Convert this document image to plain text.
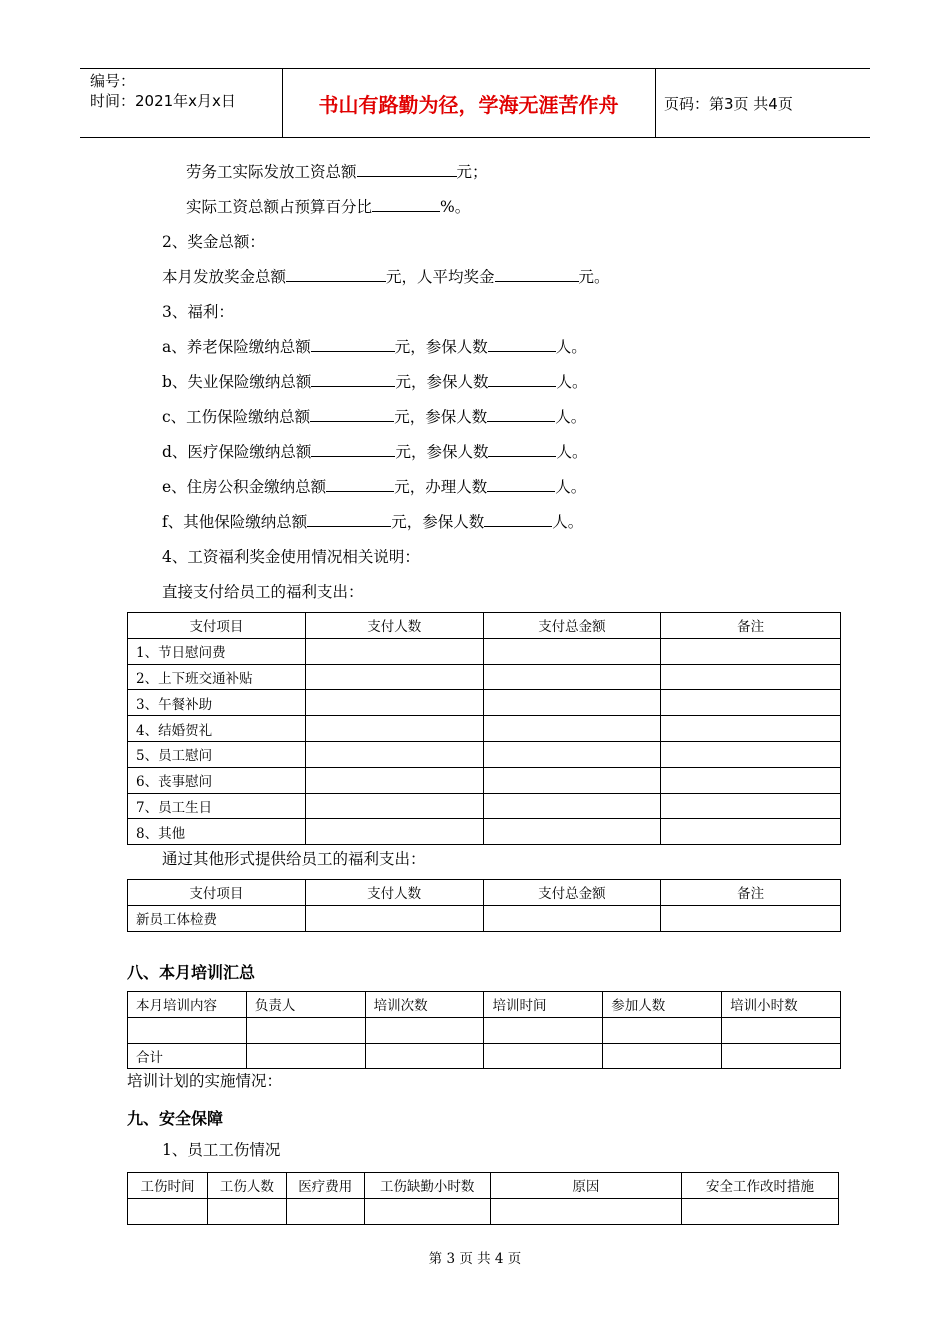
编号：
时间：2021年x月x日	书山有路勤为径，学海无涯苦作舟	页码：第3页 共4页
劳务工实际发放工资总额	元；
实际工资总额占预算百分比	%。
2、奖金总额：
本月发放奖金总额	元，人平均奖金	元。
3、福利：
a、养老保险缴纳总额	元，参保人数	人。
b、失业保险缴纳总额	元，参保人数	人。
c、工伤保险缴纳总额	元，参保人数	人。
d、医疗保险缴纳总额	元，参保人数	人。
e、住房公积金缴纳总额	元，办理人数	人。
f、其他保险缴纳总额	元，参保人数	人。
4、工资福利奖金使用情况相关说明：
直接支付给员工的福利支出：
支付项目	支付人数	支付总金额	备注
1、节日慰问费			
2、上下班交通补贴			
3、午餐补助			
4、结婚贺礼			
5、员工慰问			
6、丧事慰问			
7、员工生日			
8、其他			
通过其他形式提供给员工的福利支出：
支付项目	支付人数	支付总金额	备注
新员工体检费			
八、本月培训汇总
本月培训内容	负责人	培训次数	培训时间	参加人数	培训小时数

合计					
培训计划的实施情况：
九、安全保障
1、员工工伤情况
工伤时间	工伤人数	医疗费用	工伤缺勤小时数	原因	安全工作改时措施

第 3 页 共 4 页
